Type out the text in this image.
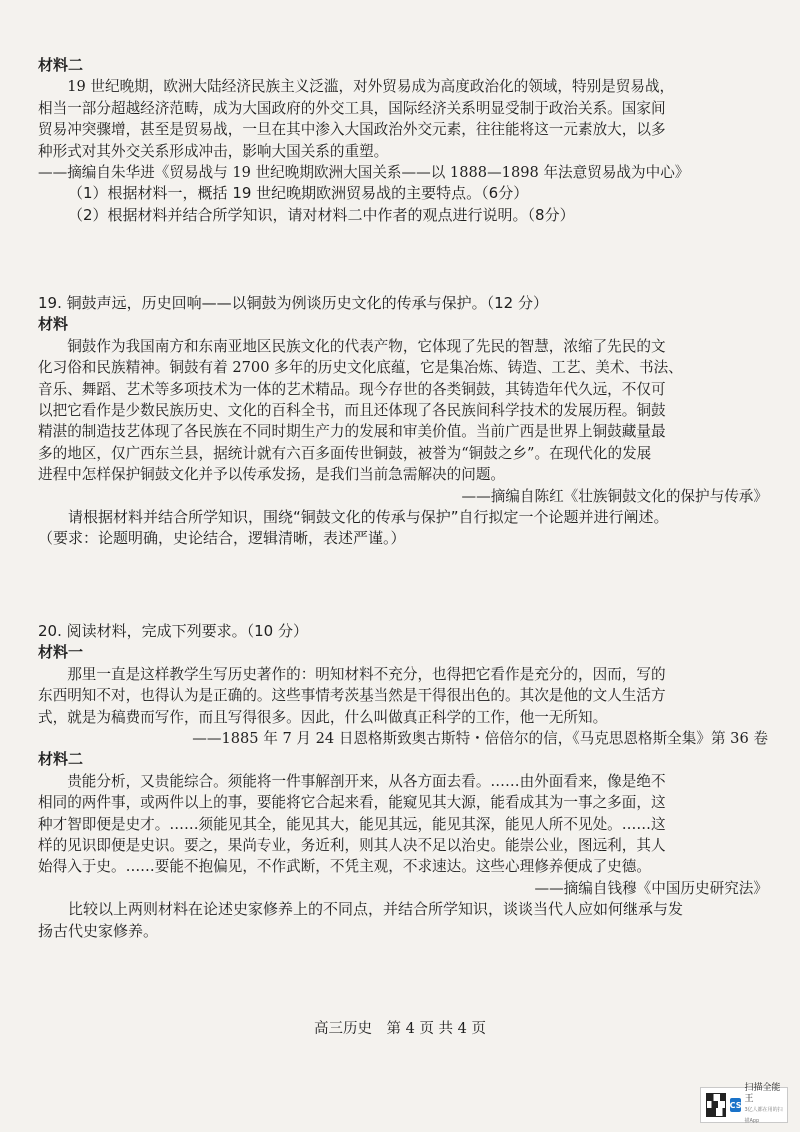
材料二

19 世纪晚期，欧洲大陆经济民族主义泛滥，对外贸易成为高度政治化的领域，特别是贸易战，

相当一部分超越经济范畴，成为大国政府的外交工具，国际经济关系明显受制于政治关系。国家间

贸易冲突骤增，甚至是贸易战，一旦在其中渗入大国政治外交元素，往往能将这一元素放大，以多

种形式对其外交关系形成冲击，影响大国关系的重塑。

——摘编自朱华进《贸易战与 19 世纪晚期欧洲大国关系——以 1888—1898 年法意贸易战为中心》

（1）根据材料一，概括 19 世纪晚期欧洲贸易战的主要特点。（6分）

（2）根据材料并结合所学知识，请对材料二中作者的观点进行说明。（8分）

19. 铜鼓声远，历史回响——以铜鼓为例谈历史文化的传承与保护。（12 分）
材料

铜鼓作为我国南方和东南亚地区民族文化的代表产物，它体现了先民的智慧，浓缩了先民的文

化习俗和民族精神。铜鼓有着 2700 多年的历史文化底蕴，它是集冶炼、铸造、工艺、美术、书法、

音乐、舞蹈、艺术等多项技术为一体的艺术精品。现今存世的各类铜鼓，其铸造年代久远，不仅可

以把它看作是少数民族历史、文化的百科全书，而且还体现了各民族间科学技术的发展历程。铜鼓

精湛的制造技艺体现了各民族在不同时期生产力的发展和审美价值。当前广西是世界上铜鼓藏量最

多的地区，仅广西东兰县，据统计就有六百多面传世铜鼓，被誉为“铜鼓之乡”。在现代化的发展

进程中怎样保护铜鼓文化并予以传承发扬，是我们当前急需解决的问题。

——摘编自陈红《壮族铜鼓文化的保护与传承》

请根据材料并结合所学知识，围绕“铜鼓文化的传承与保护”自行拟定一个论题并进行阐述。

（要求：论题明确，史论结合，逻辑清晰，表述严谨。）

20. 阅读材料，完成下列要求。（10 分）
材料一

那里一直是这样教学生写历史著作的：明知材料不充分，也得把它看作是充分的，因而，写的

东西明知不对，也得认为是正确的。这些事情考茨基当然是干得很出色的。其次是他的文人生活方

式，就是为稿费而写作，而且写得很多。因此，什么叫做真正科学的工作，他一无所知。

——1885 年 7 月 24 日恩格斯致奥古斯特・倍倍尔的信，《马克思恩格斯全集》第 36 卷

材料二

贵能分析，又贵能综合。须能将一件事解剖开来，从各方面去看。……由外面看来，像是绝不

相同的两件事，或两件以上的事，要能将它合起来看，能窥见其大源，能看成其为一事之多面，这

种才智即便是史才。……须能见其全，能见其大，能见其远，能见其深，能见人所不见处。……这

样的见识即便是史识。要之，果尚专业，务近利，则其人决不足以治史。能崇公业，图远利，其人

始得入于史。……要能不抱偏见，不作武断，不凭主观，不求速达。这些心理修养便成了史德。

——摘编自钱穆《中国历史研究法》

比较以上两则材料在论述史家修养上的不同点，并结合所学知识，谈谈当代人应如何继承与发

扬古代史家修养。

高三历史　第 4 页 共 4 页
CS
扫描全能王
3亿人都在用的扫描App
